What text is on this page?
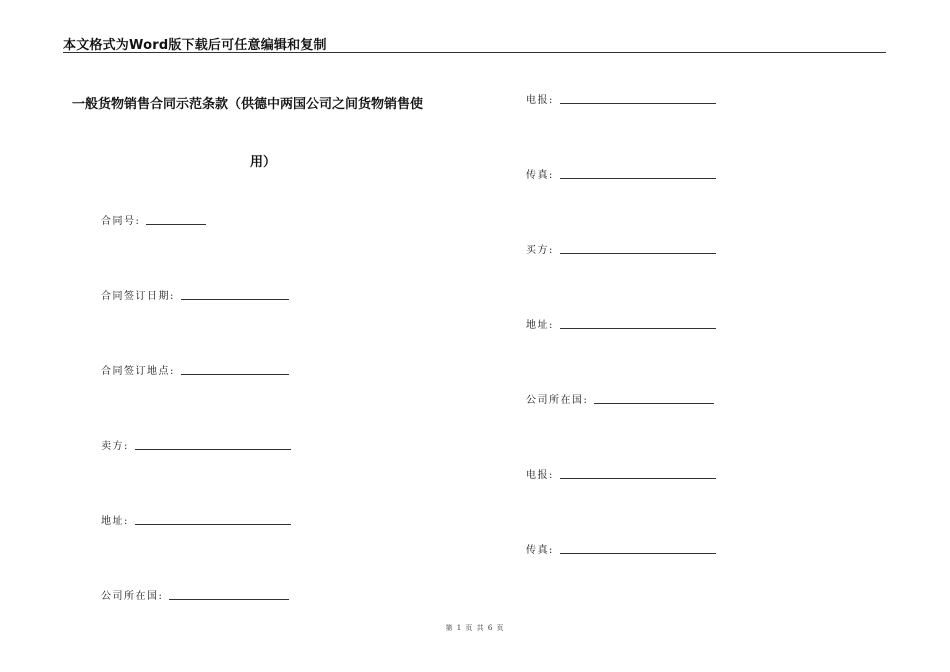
本文格式为Word版下载后可任意编辑和复制
一般货物销售合同示范条款（供德中两国公司之间货物销售使
用）
合同号:
合同签订日期:
合同签订地点:
卖方:
地址:
公司所在国:
电报:
传真:
买方:
地址:
公司所在国:
电报:
传真:
第 1 页 共 6 页
